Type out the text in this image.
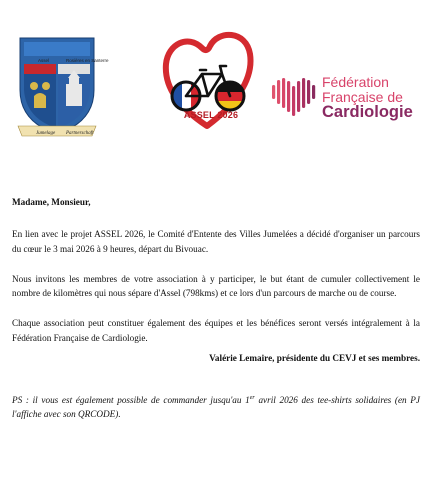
Assel	Rosières en Santerre
Jumelage Partnerschaft
ASSEL 2026
Fédération
Française de
Cardiologie

Madame, Monsieur,

En lien avec le projet ASSEL 2026, le Comité d'Entente des Villes Jumelées a décidé d'organiser un parcours du cœur le 3 mai 2026 à 9 heures, départ du Bivouac.

Nous invitons les membres de votre association à y participer, le but étant de cumuler collectivement le nombre de kilomètres qui nous sépare d'Assel (798kms) et ce lors d'un parcours de marche ou de course.

Chaque association peut constituer également des équipes et les bénéfices seront versés intégralement à la Fédération Française de Cardiologie.

Valérie Lemaire, présidente du CEVJ et ses membres.

PS : il vous est également possible de commander jusqu'au 1er avril 2026 des tee-shirts solidaires (en PJ l'affiche avec son QRCODE).
